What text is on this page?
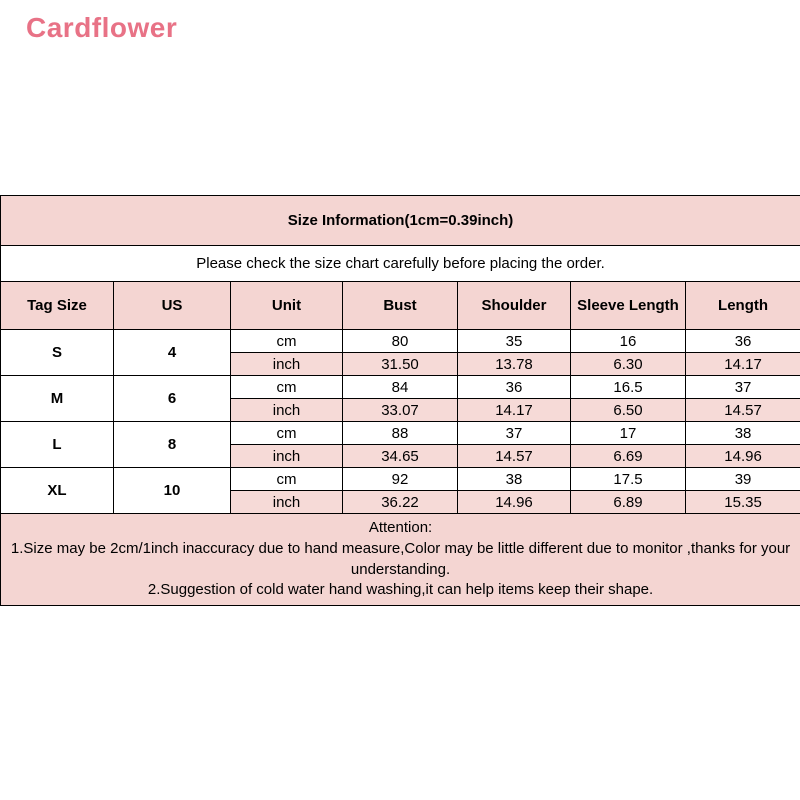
Cardflower
Size Information(1cm=0.39inch)						
Please check the size chart carefully before placing the order.						
Tag Size	US	Unit	Bust	Shoulder	Sleeve Length	Length
S	4	cm	80	35	16	36
		inch	31.50	13.78	6.30	14.17
M	6	cm	84	36	16.5	37
		inch	33.07	14.17	6.50	14.57
L	8	cm	88	37	17	38
		inch	34.65	14.57	6.69	14.96
XL	10	cm	92	38	17.5	39
		inch	36.22	14.96	6.89	15.35

Attention:
1.Size may be 2cm/1inch inaccuracy due to hand measure,Color may be little different due to monitor ,thanks for your understanding.
2.Suggestion of cold water hand washing,it can help items keep their shape.						
